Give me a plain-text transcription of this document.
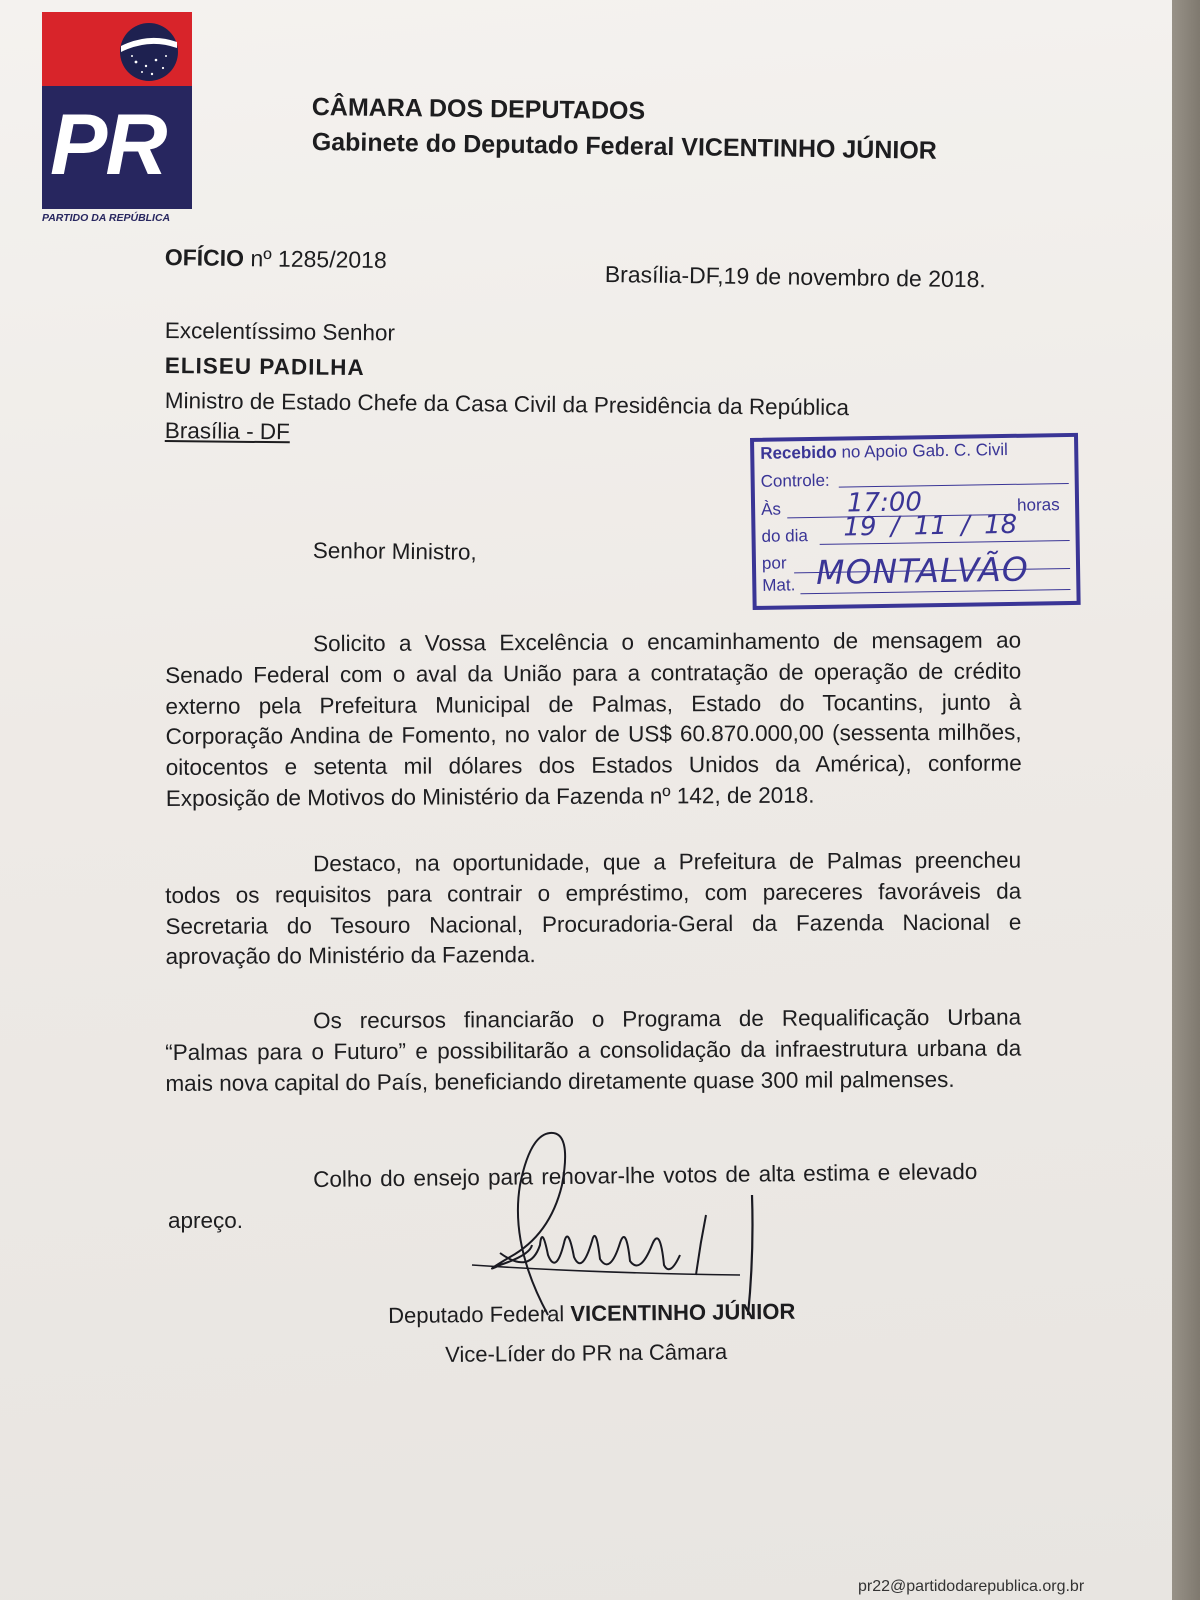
PR
PARTIDO DA REPÚBLICA
CÂMARA DOS DEPUTADOS
Gabinete do Deputado Federal VICENTINHO JÚNIOR
OFÍCIO nº 1285/2018
Brasília-DF,19 de novembro de 2018.
Excelentíssimo Senhor
ELISEU PADILHA
Ministro de Estado Chefe da Casa Civil da Presidência da República
Brasília - DF
Recebido no Apoio Gab. C. Civil
Controle:
Às	17:00	horas
do dia 19 / 11 / 18
por
Mat. MONTALVÃO
Senhor Ministro,
Solicito a Vossa Excelência o encaminhamento de mensagem ao Senado Federal com o aval da União para a contratação de operação de crédito externo pela Prefeitura Municipal de Palmas, Estado do Tocantins, junto à Corporação Andina de Fomento, no valor de US$ 60.870.000,00 (sessenta milhões, oitocentos e setenta mil dólares dos Estados Unidos da América), conforme Exposição de Motivos do Ministério da Fazenda nº 142, de 2018.
Destaco, na oportunidade, que a Prefeitura de Palmas preencheu todos os requisitos para contrair o empréstimo, com pareceres favoráveis da Secretaria do Tesouro Nacional, Procuradoria-Geral da Fazenda Nacional e aprovação do Ministério da Fazenda.
Os recursos financiarão o Programa de Requalificação Urbana “Palmas para o Futuro” e possibilitarão a consolidação da infraestrutura urbana da mais nova capital do País, beneficiando diretamente quase 300 mil palmenses.
Colho do ensejo para renovar-lhe votos de alta estima e elevado
apreço.
Deputado Federal VICENTINHO JÚNIOR
Vice-Líder do PR na Câmara
pr22@partidodarepublica.org.br
